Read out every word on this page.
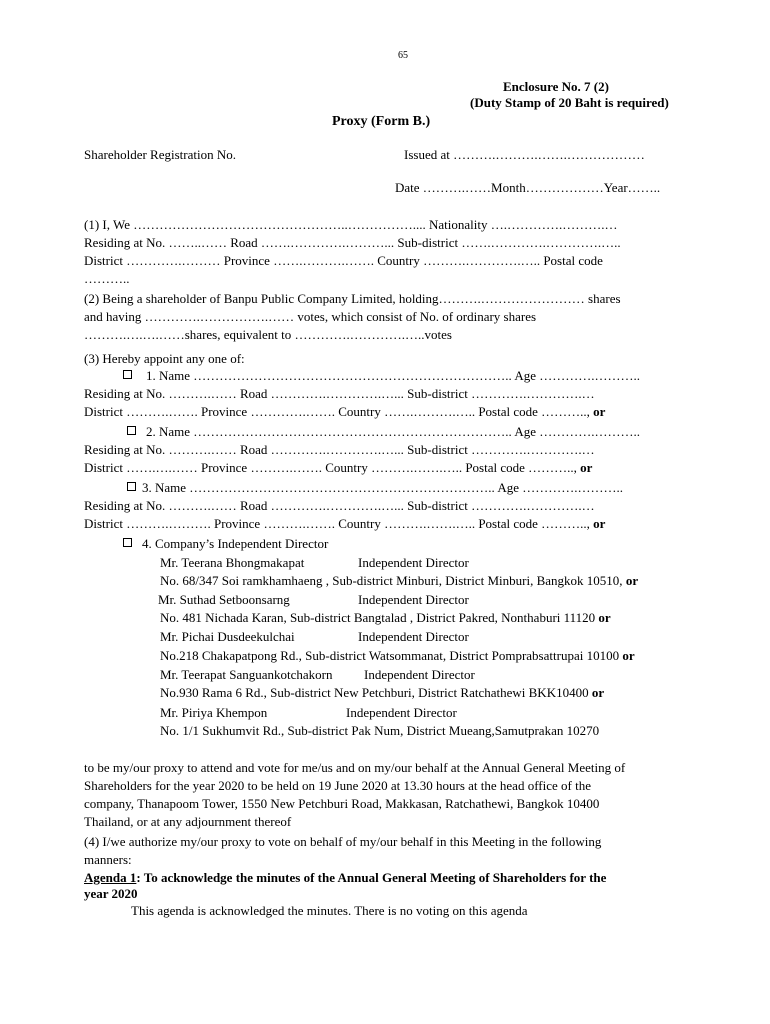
65
Enclosure No. 7 (2)
(Duty Stamp of 20 Baht is required)
Proxy (Form B.)
Shareholder Registration No.	Issued at ……….……….…….………………
Date ……….……Month………………Year……..
(1) I, We …………………………………………..…………….... Nationality ….………….……….…
Residing at No. ……..…… Road …….………….………... Sub-district …….………….………….…..
District ………….……… Province …….……….……. Country ……….………….….. Postal code
………..
(2) Being a shareholder of Banpu Public Company Limited, holding……….…………………… shares
and having ………….…………….…… votes, which consist of No. of ordinary shares
……….….….……shares, equivalent to ………….………….…..votes
(3) Hereby appoint any one of:
1. Name ……………………………………………………………….. Age ………….………..
Residing at No. ……….…… Road ………….………….…... Sub-district ………….………….…
District ……….……. Province ………….……. Country …….……….….. Postal code ……….., or
2. Name ……………………………………………………………….. Age ………….………..
Residing at No. ……….…… Road ………….………….…... Sub-district ………….………….…
District …….….…… Province ……….……. Country ……….…….….. Postal code ……….., or
3. Name …………………………………………………………….. Age ………….………..
Residing at No. ……….…… Road ………….………….…... Sub-district ………….………….…
District ……….………. Province ……….……. Country ……….…….….. Postal code ……….., or
4. Company’s Independent Director
Mr. Teerana Bhongmakapat	Independent Director
No. 68/347 Soi ramkhamhaeng , Sub-district Minburi, District Minburi, Bangkok 10510, or
Mr. Suthad Setboonsarng	Independent Director
No. 481 Nichada Karan, Sub-district Bangtalad , District Pakred, Nonthaburi 11120 or
Mr. Pichai Dusdeekulchai	Independent Director
No.218 Chakapatpong Rd., Sub-district Watsommanat, District Pomprabsattrupai 10100 or
Mr. Teerapat Sanguankotchakorn Independent Director
No.930 Rama 6 Rd., Sub-district New Petchburi, District Ratchathewi BKK10400 or
Mr. Piriya Khempon	Independent Director
No. 1/1 Sukhumvit Rd., Sub-district Pak Num, District Mueang,Samutprakan 10270
to be my/our proxy to attend and vote for me/us and on my/our behalf at the Annual General Meeting of
Shareholders for the year 2020 to be held on 19 June 2020 at 13.30 hours at the head office of the
company, Thanapoom Tower, 1550 New Petchburi Road, Makkasan, Ratchathewi, Bangkok 10400
Thailand, or at any adjournment thereof
(4) I/we authorize my/our proxy to vote on behalf of my/our behalf in this Meeting in the following
manners:
Agenda 1: To acknowledge the minutes of the Annual General Meeting of Shareholders for the
year 2020
This agenda is acknowledged the minutes. There is no voting on this agenda
